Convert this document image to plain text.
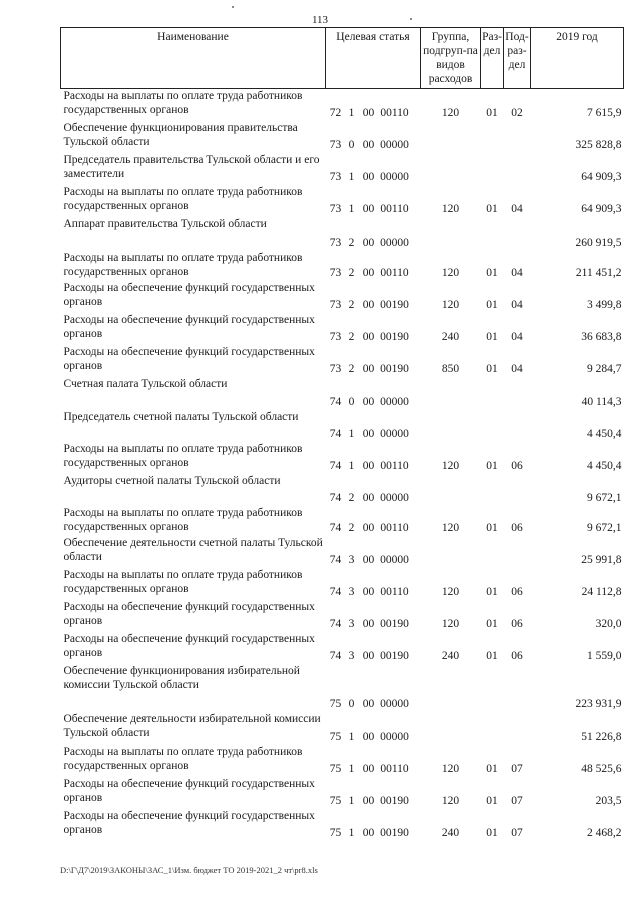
113
Наименование	Целевая статья	Группа, подгруп-па видов расходов	Раз-дел	Под-раз-дел	2019 год
Расходы на выплаты по оплате труда работников государственных органов	72 1 00 00110	120	01	02	7 615,9
Обеспечение функционирования правительства Тульской области	73 0 00 00000				325 828,8
Председатель правительства Тульской области и его заместители	73 1 00 00000				64 909,3
Расходы на выплаты по оплате труда работников государственных органов	73 1 00 00110	120	01	04	64 909,3
Аппарат правительства Тульской области	73 2 00 00000				260 919,5
Расходы на выплаты по оплате труда работников государственных органов	73 2 00 00110	120	01	04	211 451,2
Расходы на обеспечение функций государственных органов	73 2 00 00190	120	01	04	3 499,8
Расходы на обеспечение функций государственных органов	73 2 00 00190	240	01	04	36 683,8
Расходы на обеспечение функций государственных органов	73 2 00 00190	850	01	04	9 284,7
Счетная палата Тульской области	74 0 00 00000				40 114,3
Председатель счетной палаты Тульской области	74 1 00 00000				4 450,4
Расходы на выплаты по оплате труда работников государственных органов	74 1 00 00110	120	01	06	4 450,4
Аудиторы счетной палаты Тульской области	74 2 00 00000				9 672,1
Расходы на выплаты по оплате труда работников государственных органов	74 2 00 00110	120	01	06	9 672,1
Обеспечение деятельности счетной палаты Тульской области	74 3 00 00000				25 991,8
Расходы на выплаты по оплате труда работников государственных органов	74 3 00 00110	120	01	06	24 112,8
Расходы на обеспечение функций государственных органов	74 3 00 00190	120	01	06	320,0
Расходы на обеспечение функций государственных органов	74 3 00 00190	240	01	06	1 559,0
Обеспечение функционирования избирательной комиссии Тульской области	75 0 00 00000				223 931,9
Обеспечение деятельности избирательной комиссии Тульской области	75 1 00 00000				51 226,8
Расходы на выплаты по оплате труда работников государственных органов	75 1 00 00110	120	01	07	48 525,6
Расходы на обеспечение функций государственных органов	75 1 00 00190	120	01	07	203,5
Расходы на обеспечение функций государственных органов	75 1 00 00190	240	01	07	2 468,2
D:\Г\Д7\2019\ЗАКОНЫ\ЗАС_1\Изм. бюджет ТО 2019-2021_2 чт\pr8.xls
